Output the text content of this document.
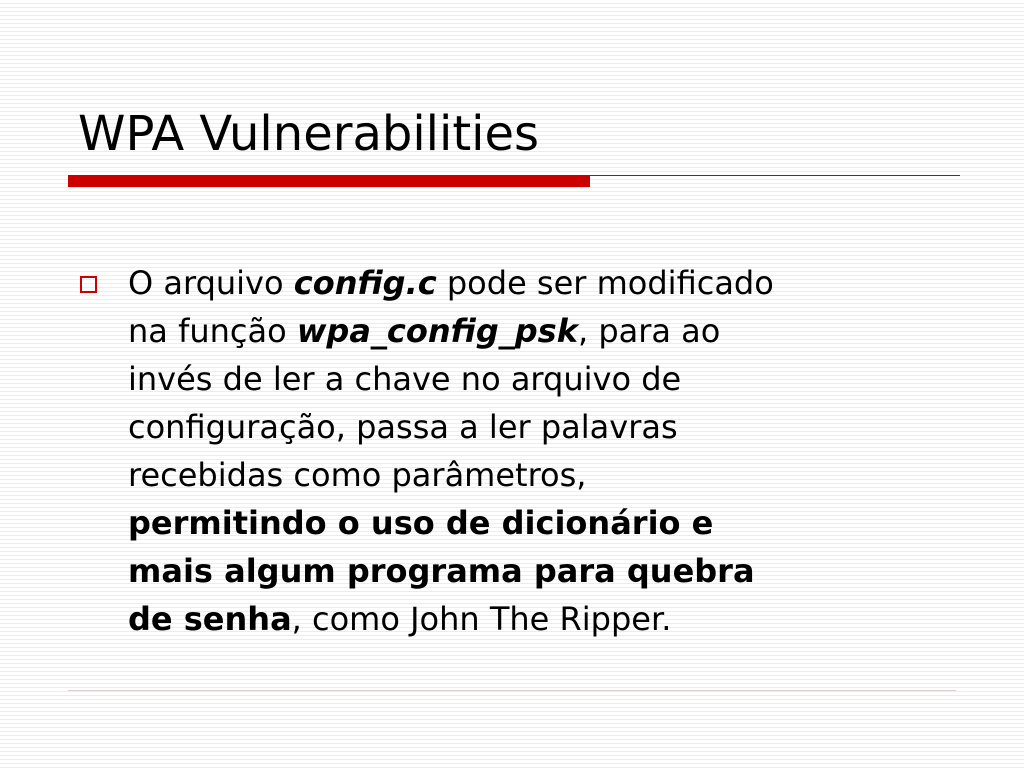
WPA Vulnerabilities

O arquivo config.c pode ser modificado
na função wpa_config_psk, para ao
invés de ler a chave no arquivo de
configuração, passa a ler palavras
recebidas como parâmetros,
permitindo o uso de dicionário e
mais algum programa para quebra
de senha, como John The Ripper.
